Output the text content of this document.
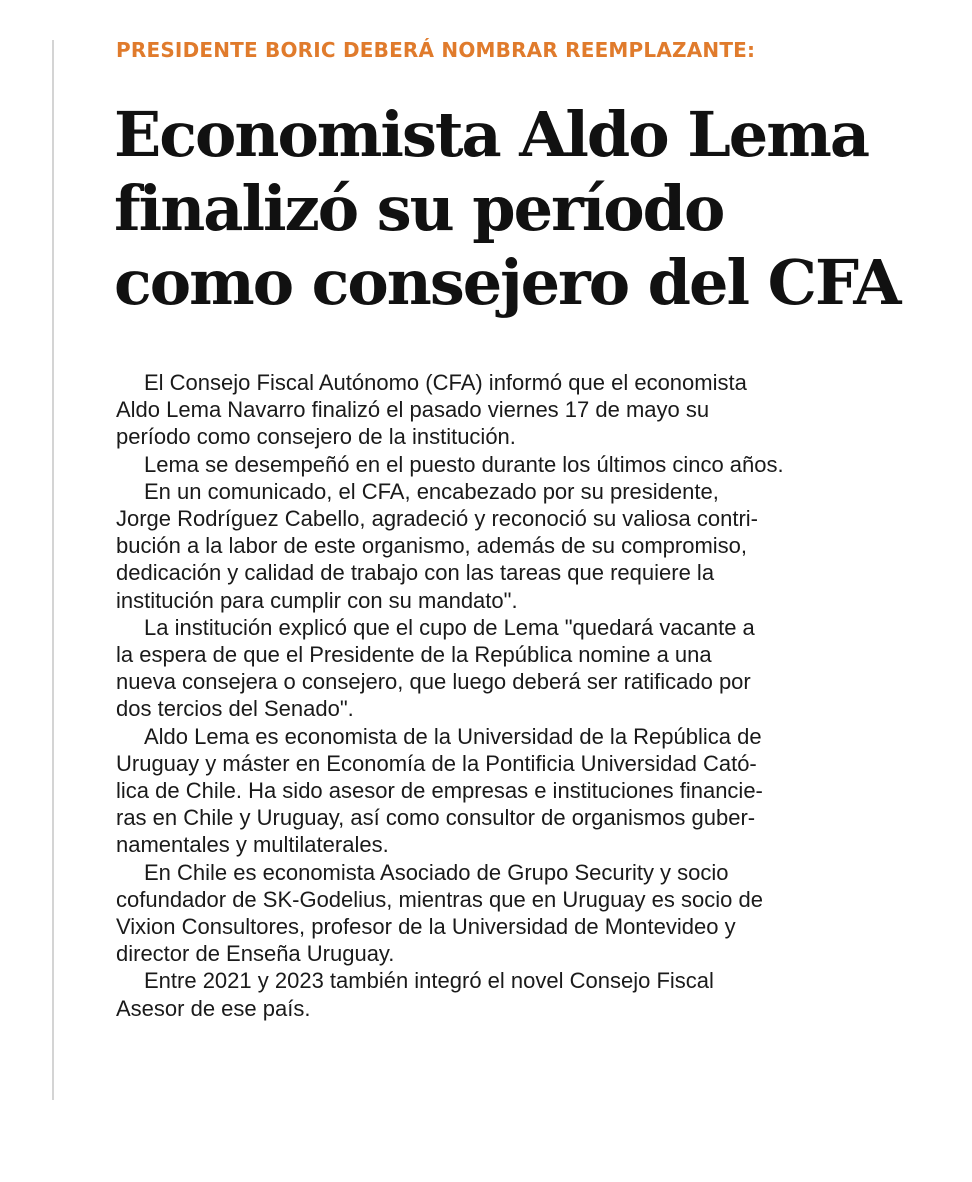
PRESIDENTE BORIC DEBERÁ NOMBRAR REEMPLAZANTE:
Economista Aldo Lema
finalizó su período
como consejero del CFA
El Consejo Fiscal Autónomo (CFA) informó que el economista
Aldo Lema Navarro finalizó el pasado viernes 17 de mayo su
período como consejero de la institución.
Lema se desempeñó en el puesto durante los últimos cinco años.
En un comunicado, el CFA, encabezado por su presidente,
Jorge Rodríguez Cabello, agradeció y reconoció su valiosa contri-
bución a la labor de este organismo, además de su compromiso,
dedicación y calidad de trabajo con las tareas que requiere la
institución para cumplir con su mandato".
La institución explicó que el cupo de Lema "quedará vacante a
la espera de que el Presidente de la República nomine a una
nueva consejera o consejero, que luego deberá ser ratificado por
dos tercios del Senado".
Aldo Lema es economista de la Universidad de la República de
Uruguay y máster en Economía de la Pontificia Universidad Cató-
lica de Chile. Ha sido asesor de empresas e instituciones financie-
ras en Chile y Uruguay, así como consultor de organismos guber-
namentales y multilaterales.
En Chile es economista Asociado de Grupo Security y socio
cofundador de SK-Godelius, mientras que en Uruguay es socio de
Vixion Consultores, profesor de la Universidad de Montevideo y
director de Enseña Uruguay.
Entre 2021 y 2023 también integró el novel Consejo Fiscal
Asesor de ese país.
